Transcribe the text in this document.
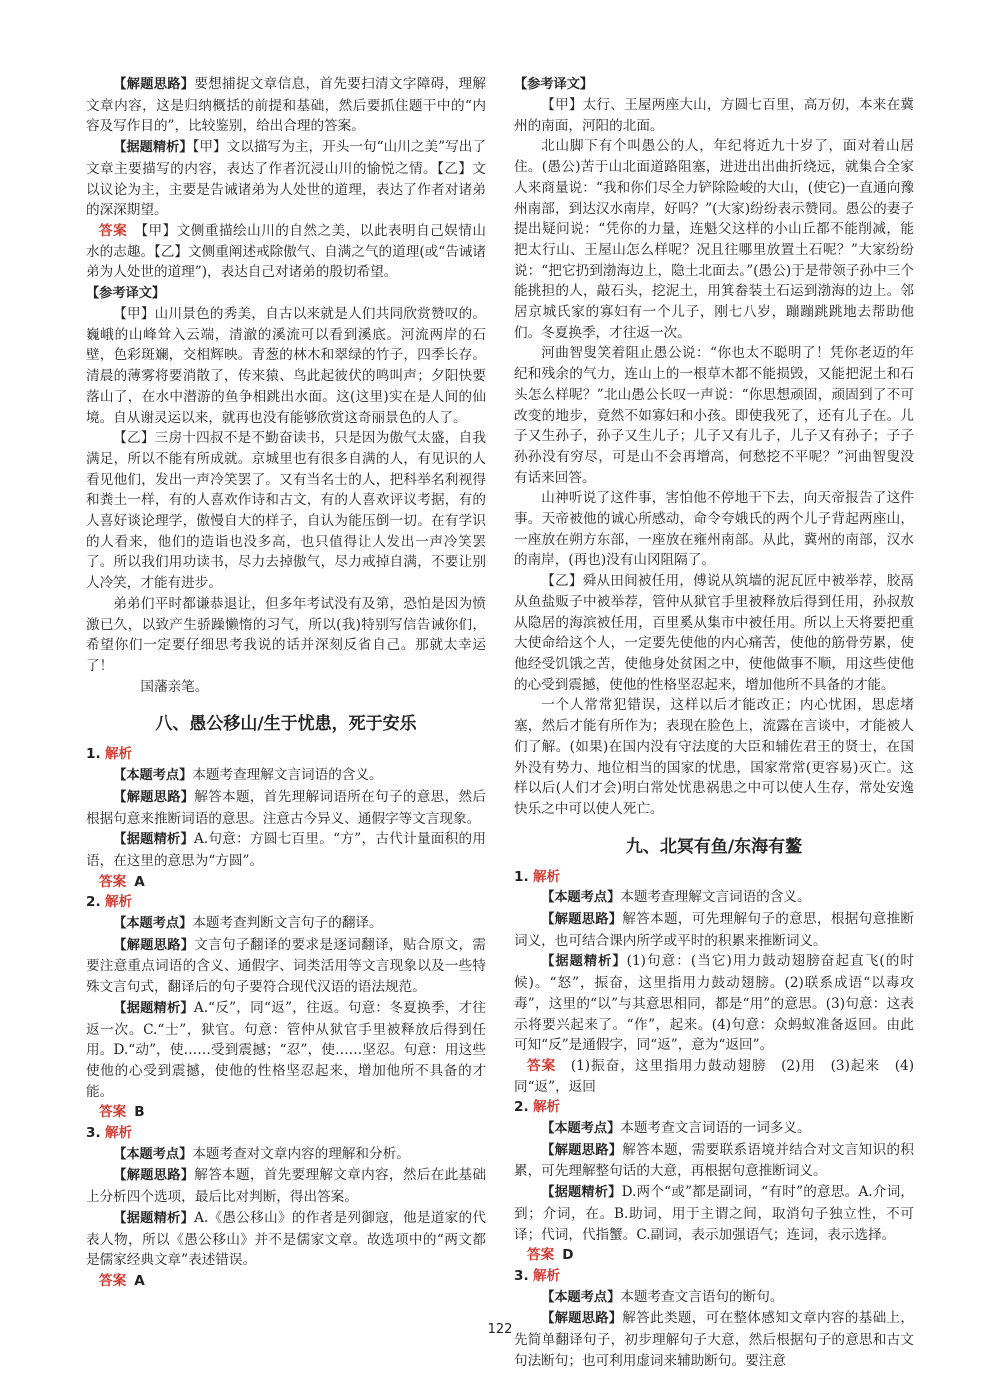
【解题思路】要想捕捉文章信息，首先要扫清文字障碍，理解文章内容，这是归纳概括的前提和基础，然后要抓住题干中的“内容及写作目的”，比较鉴别，给出合理的答案。

【据题精析】【甲】文以描写为主，开头一句“山川之美”写出了文章主要描写的内容，表达了作者沉浸山川的愉悦之情。【乙】文以议论为主，主要是告诫诸弟为人处世的道理，表达了作者对诸弟的深深期望。

答案　 【甲】文侧重描绘山川的自然之美，以此表明自己娱情山水的志趣。【乙】文侧重阐述戒除傲气、自满之气的道理(或“告诫诸弟为人处世的道理”)，表达自己对诸弟的殷切希望。

【参考译文】

【甲】山川景色的秀美，自古以来就是人们共同欣赏赞叹的。巍峨的山峰耸入云端，清澈的溪流可以看到溪底。河流两岸的石壁，色彩斑斓，交相辉映。青葱的林木和翠绿的竹子，四季长存。清晨的薄雾将要消散了，传来猿、鸟此起彼伏的鸣叫声；夕阳快要落山了，在水中潜游的鱼争相跳出水面。这(这里)实在是人间的仙境。自从谢灵运以来，就再也没有能够欣赏这奇丽景色的人了。

【乙】三房十四叔不是不勤奋读书，只是因为傲气太盛，自我满足，所以不能有所成就。京城里也有很多自满的人，有见识的人看见他们，发出一声冷笑罢了。又有当名士的人，把科举名利视得和粪土一样，有的人喜欢作诗和古文，有的人喜欢评议考据，有的人喜好谈论理学，傲慢自大的样子，自认为能压倒一切。在有学识的人看来，他们的造诣也没多高，也只值得让人发出一声冷笑罢了。所以我们用功读书，尽力去掉傲气，尽力戒掉自满，不要让别人冷笑，才能有进步。

弟弟们平时都谦恭退让，但多年考试没有及第，恐怕是因为愤激已久，以致产生骄躁懒惰的习气，所以(我)特别写信告诫你们，希望你们一定要仔细思考我说的话并深刻反省自己。那就太幸运了！

国藩亲笔。

八、愚公移山/生于忧患，死于安乐

1. 解析

【本题考点】本题考查理解文言词语的含义。

【解题思路】解答本题，首先理解词语所在句子的意思，然后根据句意来推断词语的意思。注意古今异义、通假字等文言现象。

【据题精析】A.句意：方圆七百里。“方”，古代计量面积的用语，在这里的意思为“方圆”。

答案 A

2. 解析

【本题考点】本题考查判断文言句子的翻译。

【解题思路】文言句子翻译的要求是逐词翻译，贴合原文，需要注意重点词语的含义、通假字、词类活用等文言现象以及一些特殊文言句式，翻译后的句子要符合现代汉语的语法规范。

【据题精析】A.“反”，同“返”，往返。句意：冬夏换季，才往返一次。C.“士”，狱官。句意：管仲从狱官手里被释放后得到任用。D.“动”，使……受到震撼；“忍”，使……坚忍。句意：用这些使他的心受到震撼，使他的性格坚忍起来，增加他所不具备的才能。

答案 B

3. 解析

【本题考点】本题考查对文章内容的理解和分析。

【解题思路】解答本题，首先要理解文章内容，然后在此基础上分析四个选项，最后比对判断，得出答案。

【据题精析】A.《愚公移山》的作者是列御寇，他是道家的代表人物，所以《愚公移山》并不是儒家文章。故选项中的“两文都是儒家经典文章”表述错误。

答案 A

【参考译文】

【甲】太行、王屋两座大山，方圆七百里，高万仞，本来在冀州的南面，河阳的北面。

北山脚下有个叫愚公的人，年纪将近九十岁了，面对着山居住。(愚公)苦于山北面道路阻塞，进进出出曲折绕远，就集合全家人来商量说：“我和你们尽全力铲除险峻的大山，(使它)一直通向豫州南部，到达汉水南岸，好吗？”(大家)纷纷表示赞同。愚公的妻子提出疑问说：“凭你的力量，连魁父这样的小山丘都不能削减，能把太行山、王屋山怎么样呢？况且往哪里放置土石呢？”大家纷纷说：“把它扔到渤海边上，隐土北面去。”(愚公)于是带领子孙中三个能挑担的人，敲石头，挖泥土，用箕畚装土石运到渤海的边上。邻居京城氏家的寡妇有一个儿子，刚七八岁，蹦蹦跳跳地去帮助他们。冬夏换季，才往返一次。

河曲智叟笑着阻止愚公说：“你也太不聪明了！凭你老迈的年纪和残余的气力，连山上的一根草木都不能损毁，又能把泥土和石头怎么样呢？”北山愚公长叹一声说：“你思想顽固，顽固到了不可改变的地步，竟然不如寡妇和小孩。即使我死了，还有儿子在。儿子又生孙子，孙子又生儿子；儿子又有儿子，儿子又有孙子；子子孙孙没有穷尽，可是山不会再增高，何愁挖不平呢？”河曲智叟没有话来回答。

山神听说了这件事，害怕他不停地干下去，向天帝报告了这件事。天帝被他的诚心所感动，命令夸娥氏的两个儿子背起两座山，一座放在朔方东部，一座放在雍州南部。从此，冀州的南部，汉水的南岸，(再也)没有山冈阻隔了。

【乙】舜从田间被任用，傅说从筑墙的泥瓦匠中被举荐，胶鬲从鱼盐贩子中被举荐，管仲从狱官手里被释放后得到任用，孙叔敖从隐居的海滨被任用，百里奚从集市中被任用。所以上天将要把重大使命给这个人，一定要先使他的内心痛苦，使他的筋骨劳累，使他经受饥饿之苦，使他身处贫困之中，使他做事不顺，用这些使他的心受到震撼，使他的性格坚忍起来，增加他所不具备的才能。

一个人常常犯错误，这样以后才能改正；内心忧困，思虑堵塞，然后才能有所作为；表现在脸色上，流露在言谈中，才能被人们了解。(如果)在国内没有守法度的大臣和辅佐君王的贤士，在国外没有势力、地位相当的国家的忧患，国家常常(更容易)灭亡。这样以后(人们才会)明白常处忧患祸患之中可以使人生存，常处安逸快乐之中可以使人死亡。

九、北冥有鱼/东海有鳌

1. 解析

【本题考点】本题考查理解文言词语的含义。

【解题思路】解答本题，可先理解句子的意思，根据句意推断词义，也可结合课内所学或平时的积累来推断词义。

【据题精析】(1)句意：(当它)用力鼓动翅膀奋起直飞(的时候)。“怒”，振奋，这里指用力鼓动翅膀。(2)联系成语“以毒攻毒”，这里的“以”与其意思相同，都是“用”的意思。(3)句意：这表示将要兴起来了。“作”，起来。(4)句意：众蚂蚁准备返回。由此可知“反”是通假字，同“返”，意为“返回”。

答案　 (1)振奋，这里指用力鼓动翅膀　(2)用　(3)起来　(4)同“返”，返回

2. 解析

【本题考点】本题考查文言词语的一词多义。

【解题思路】解答本题，需要联系语境并结合对文言知识的积累，可先理解整句话的大意，再根据句意推断词义。

【据题精析】D.两个“或”都是副词，“有时”的意思。A.介词，到；介词，在。B.助词，用于主谓之间，取消句子独立性，不可译；代词，代指蟹。C.副词，表示加强语气；连词，表示选择。

答案 D

3. 解析

【本题考点】本题考查文言语句的断句。

【解题思路】解答此类题，可在整体感知文章内容的基础上，先简单翻译句子，初步理解句子大意，然后根据句子的意思和古文句法断句；也可利用虚词来辅助断句。要注意

122
